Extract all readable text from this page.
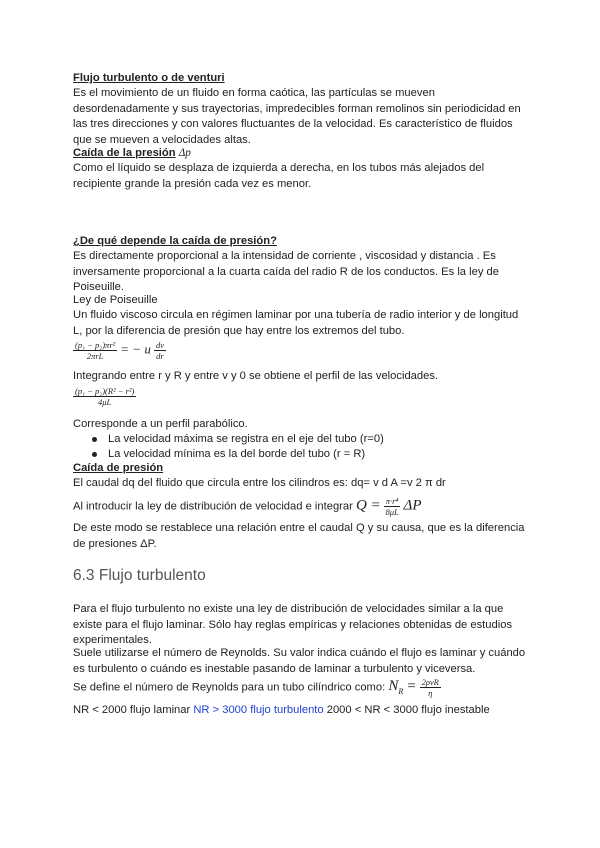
Flujo turbulento o de venturi

Es el movimiento de un fluido en forma caótica, las partículas se mueven desordenadamente y sus trayectorias, impredecibles forman remolinos sin periodicidad en las tres direcciones y con valores fluctuantes de la velocidad. Es característico de fluidos que se mueven a velocidades altas.

Caída de la presión Δp

Como el líquido se desplaza de izquierda a derecha, en los tubos más alejados del recipiente grande la presión cada vez es menor.

¿De qué depende la caída de presión?

Es directamente proporcional a la intensidad de corriente , viscosidad y distancia . Es inversamente proporcional a la cuarta caída del radio R de los conductos. Es la ley de Poiseuille.

Ley de Poiseuille

Un fluido viscoso circula en régimen laminar por una tubería de radio interior y de longitud L, por la diferencia de presión que hay entre los extremos del tubo.

$\frac{\text{(p₁ − p₂)πr²}}{\text{2πrL}}$ = − u $\frac{dv}{dr}$

Integrando entre r y R y entre v y 0 se obtiene el perfil de las velocidades.

$\frac{\text{(p₁ − p₂)(R² − r²)}}{4\mu L}$

Corresponde a un perfil parabólico.

La velocidad máxima se registra en el eje del tubo (r=0)
La velocidad mínima es la del borde del tubo (r = R)
Caída de presión

El caudal dq del fluido que circula entre los cilindros es: dq= v d A =v 2 π dr

Al introducir la ley de distribución de velocidad e integrar $Q = \frac{\text{π·r⁴}}{8\mu L}$ ΔP

De este modo se restablece una relación entre el caudal Q y su causa, que es la diferencia de presiones ΔP.

6.3 Flujo turbulento

Para el flujo turbulento no existe una ley de distribución de velocidades similar a la que existe para el flujo laminar. Sólo hay reglas empíricas y relaciones obtenidas de estudios experimentales.

Suele utilizarse el número de Reynolds. Su valor indica cuándo el flujo es laminar y cuándo es turbulento o cuándo es inestable pasando de laminar a turbulento y viceversa.

Se define el número de Reynolds para un tubo cilíndrico como: $N_R = \frac{\text{2ρvR}}{\eta}$
NR < 2000 flujo laminar NR > 3000 flujo turbulento 2000 < NR < 3000 flujo inestable
